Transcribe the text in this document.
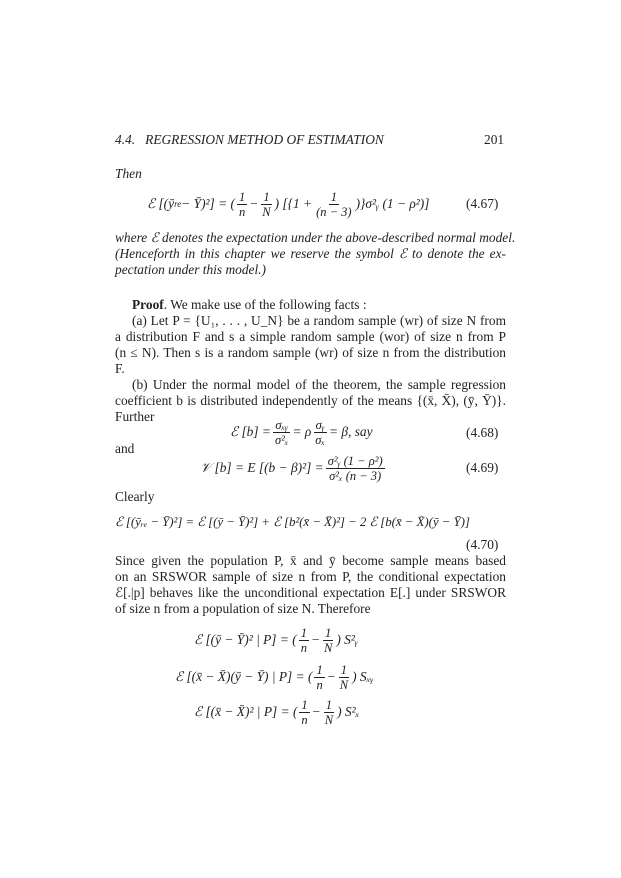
4.4. REGRESSION METHOD OF ESTIMATION	201
Then
ℰ [(ȳ re − Ȳ)²] = ( 1
n
− $\frac{1}{N}$ ) [{$1 + \frac{1}{(n - 3)}$ )}σ²ᵧ (1 − ρ²)]	(4.67)
where ℰ denotes the expectation under the above-described normal model.
(Henceforth in this chapter we reserve the symbol ℰ to denote the ex-
pectation under this model.)
Proof. We make use of the following facts :
(a) Let P = {U₁, . . . , U_N} be a random sample (wr) of size N from
a distribution F and s a simple random sample (wor) of size n from P
(n ≤ N). Then s is a random sample (wr) of size n from the distribution
F.
(b) Under the normal model of the theorem, the sample regression
coefficient b is distributed independently of the means {(x̄, X̄), (ȳ, Ȳ)}.
Further
ℰ [b] = σₓᵧ
σ²ₓ
= ρ $\frac{\text{σᵧ}}{\text{σₓ}} = \beta$, say	(4.68)
and
𝒱 [b] = E $[(b - \beta)^2] = \frac{\text{σ²ᵧ (1 − ρ²)}}{\text{σ²ₓ (n − 3)}}$	(4.69)
Clearly
ℰ [(ȳᵣₑ − Ȳ)²] = ℰ [(ȳ − Ȳ)²] + ℰ [b²(x̄ − X̄)²] − 2 ℰ [b(x̄ − X̄)(ȳ − Ȳ)]
(4.70)
Since given the population P, x̄ and ȳ become sample means based
on an SRSWOR sample of size n from P, the conditional expectation
ℰ[.|p] behaves like the unconditional expectation E[.] under SRSWOR
of size n from a population of size N. Therefore
ℰ [(ȳ − Ȳ)² | P] = ( 1
n
− $\frac{1}{N}$ ) S²ᵧ
ℰ [(x̄ − X̄)(ȳ − Ȳ) | P] = ( 1
n
− $\frac{1}{N}$ ) Sₓᵧ
ℰ [(x̄ − X̄)² | P] = ( 1
n
− $\frac{1}{N}$ ) S²ₓ
